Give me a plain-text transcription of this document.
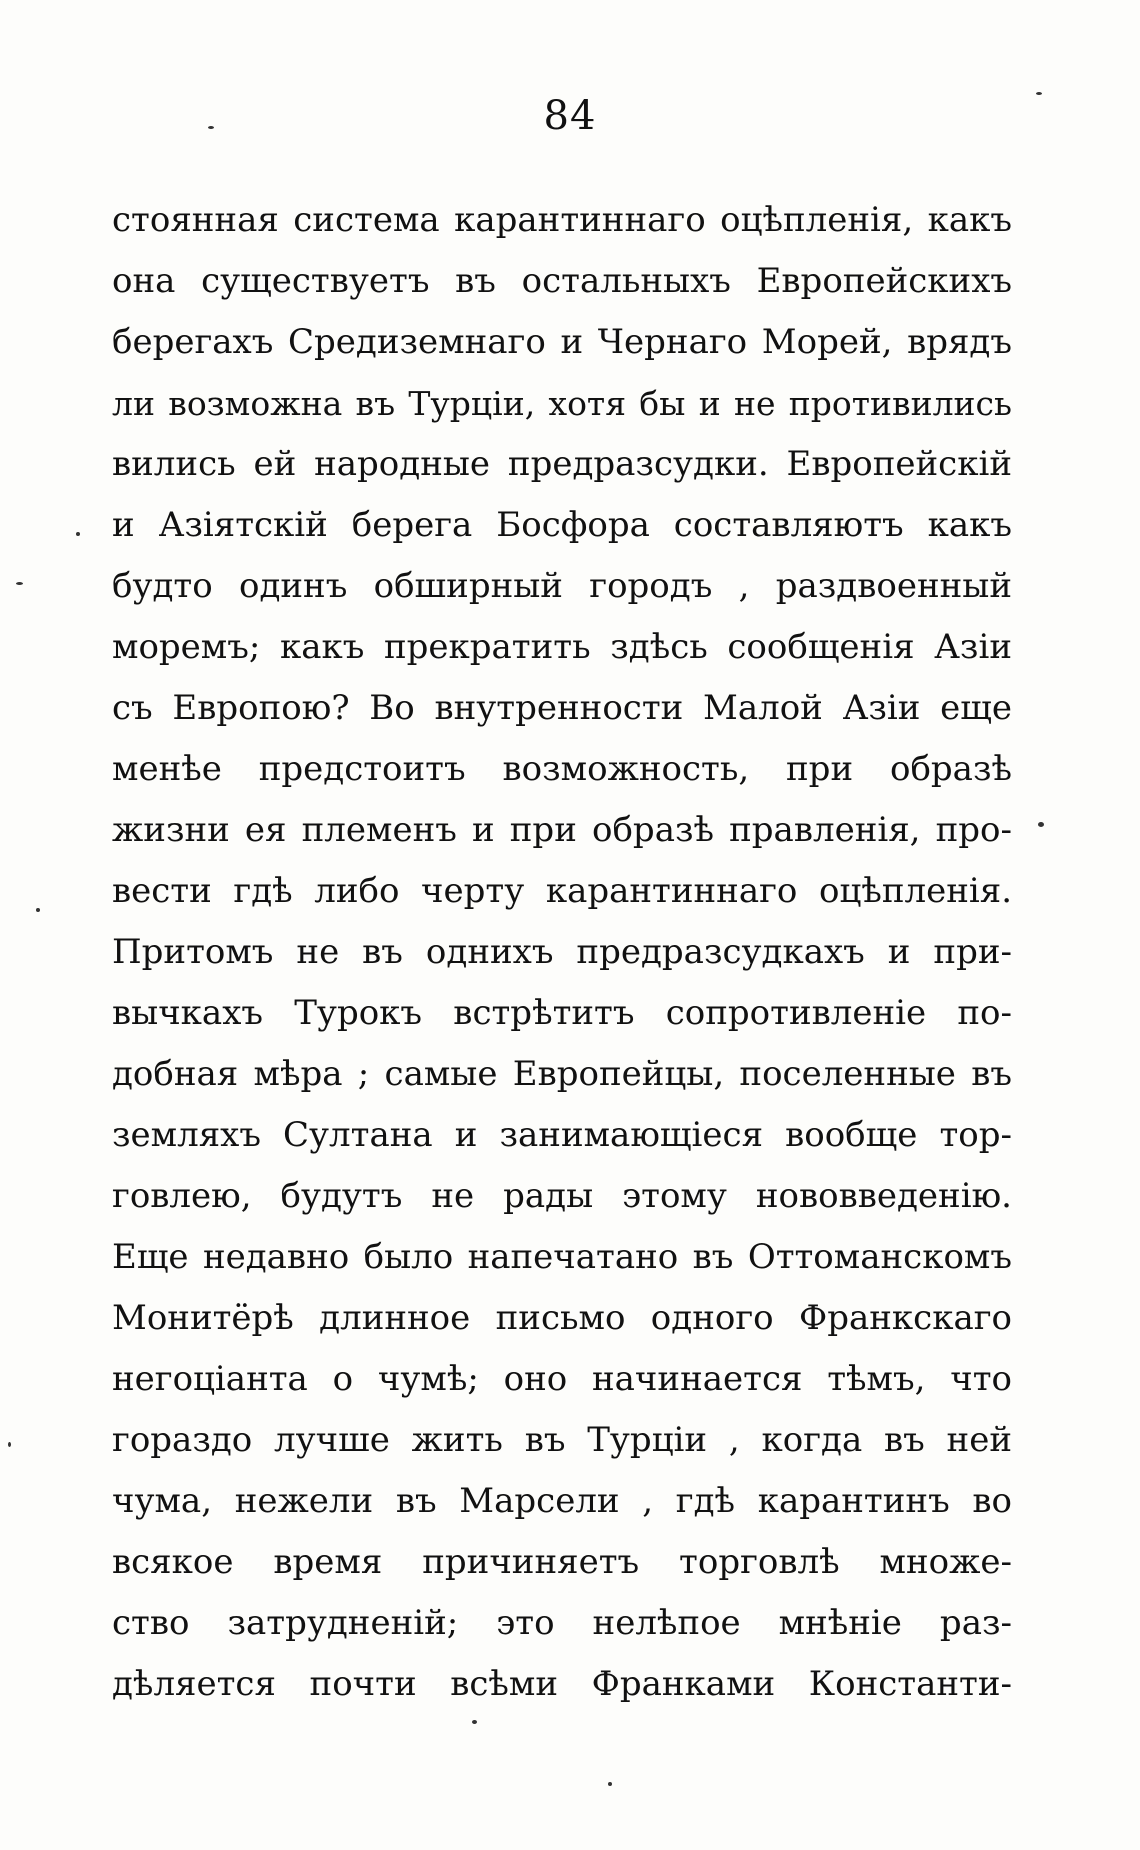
84
стоянная система карантиннаго оцѣпленія, какъ
она существуетъ въ остальныхъ Европейскихъ
берегахъ Средиземнаго и Чернаго Морей, врядъ
ли возможна въ Турціи, хотя бы и не противились
вились ей народные предразсудки. Европейскій
и Азіятскій берега Босфора составляютъ какъ
будто одинъ обширный городъ , раздвоенный
моремъ; какъ прекратить здѣсь сообщенія Азіи
съ Европою? Во внутренности Малой Азіи еще
менѣе предстоитъ возможность, при образѣ
жизни ея племенъ и при образѣ правленія, про-
вести гдѣ либо черту карантиннаго оцѣпленія.
Притомъ не въ однихъ предразсудкахъ и при-
вычкахъ Турокъ встрѣтитъ сопротивленіе по-
добная мѣра ; самые Европейцы, поселенные въ
земляхъ Султана и занимающіеся вообще тор-
говлею, будутъ не рады этому нововведенію.
Еще недавно было напечатано въ Оттоманскомъ
Монитёрѣ длинное письмо одного Франкскаго
негоціанта о чумѣ; оно начинается тѣмъ, что
гораздо лучше жить въ Турціи , когда въ ней
чума, нежели въ Марсели , гдѣ карантинъ во
всякое время причиняетъ торговлѣ множе-
ство затрудненій; это нелѣпое мнѣніе раз-
дѣляется почти всѣми Франками Константи-
